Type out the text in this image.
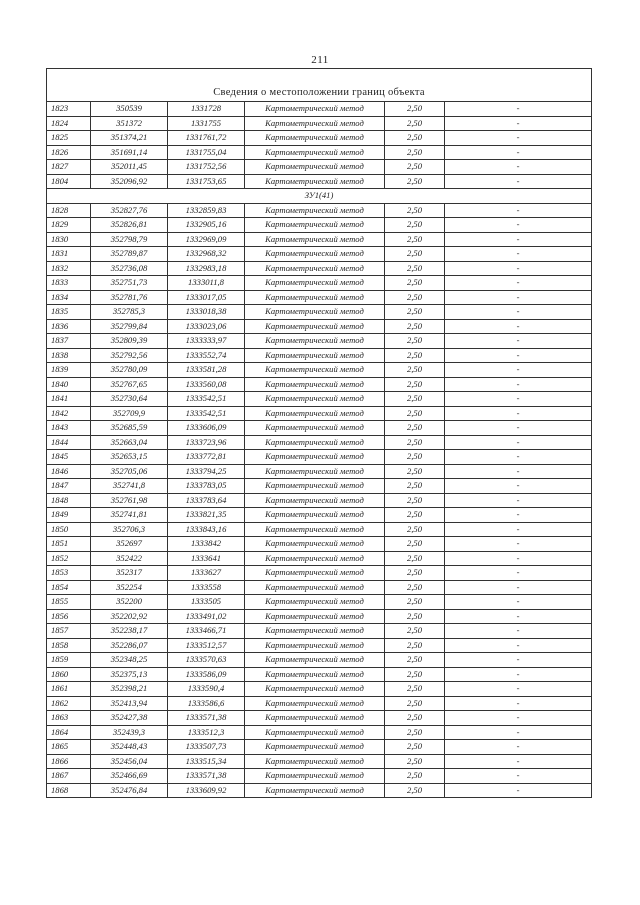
211
Сведения о местоположении границ объекта					
1823	350539	1331728	Картометрический метод	2,50	-
1824	351372	1331755	Картометрический метод	2,50	-
1825	351374,21	1331761,72	Картометрический метод	2,50	-
1826	351691,14	1331755,04	Картометрический метод	2,50	-
1827	352011,45	1331752,56	Картометрический метод	2,50	-
1804	352096,92	1331753,65	Картометрический метод	2,50	-
ЗУ1(41)					
1828	352827,76	1332859,83	Картометрический метод	2,50	-
1829	352826,81	1332905,16	Картометрический метод	2,50	-
1830	352798,79	1332969,09	Картометрический метод	2,50	-
1831	352789,87	1332968,32	Картометрический метод	2,50	-
1832	352736,08	1332983,18	Картометрический метод	2,50	-
1833	352751,73	1333011,8	Картометрический метод	2,50	-
1834	352781,76	1333017,05	Картометрический метод	2,50	-
1835	352785,3	1333018,38	Картометрический метод	2,50	-
1836	352799,84	1333023,06	Картометрический метод	2,50	-
1837	352809,39	1333333,97	Картометрический метод	2,50	-
1838	352792,56	1333552,74	Картометрический метод	2,50	-
1839	352780,09	1333581,28	Картометрический метод	2,50	-
1840	352767,65	1333560,08	Картометрический метод	2,50	-
1841	352730,64	1333542,51	Картометрический метод	2,50	-
1842	352709,9	1333542,51	Картометрический метод	2,50	-
1843	352685,59	1333606,09	Картометрический метод	2,50	-
1844	352663,04	1333723,96	Картометрический метод	2,50	-
1845	352653,15	1333772,81	Картометрический метод	2,50	-
1846	352705,06	1333794,25	Картометрический метод	2,50	-
1847	352741,8	1333783,05	Картометрический метод	2,50	-
1848	352761,98	1333783,64	Картометрический метод	2,50	-
1849	352741,81	1333821,35	Картометрический метод	2,50	-
1850	352706,3	1333843,16	Картометрический метод	2,50	-
1851	352697	1333842	Картометрический метод	2,50	-
1852	352422	1333641	Картометрический метод	2,50	-
1853	352317	1333627	Картометрический метод	2,50	-
1854	352254	1333558	Картометрический метод	2,50	-
1855	352200	1333505	Картометрический метод	2,50	-
1856	352202,92	1333491,02	Картометрический метод	2,50	-
1857	352238,17	1333466,71	Картометрический метод	2,50	-
1858	352286,07	1333512,57	Картометрический метод	2,50	-
1859	352348,25	1333570,63	Картометрический метод	2,50	-
1860	352375,13	1333586,09	Картометрический метод	2,50	-
1861	352398,21	1333590,4	Картометрический метод	2,50	-
1862	352413,94	1333586,6	Картометрический метод	2,50	-
1863	352427,38	1333571,38	Картометрический метод	2,50	-
1864	352439,3	1333512,3	Картометрический метод	2,50	-
1865	352448,43	1333507,73	Картометрический метод	2,50	-
1866	352456,04	1333515,34	Картометрический метод	2,50	-
1867	352466,69	1333571,38	Картометрический метод	2,50	-
1868	352476,84	1333609,92	Картометрический метод	2,50	-
